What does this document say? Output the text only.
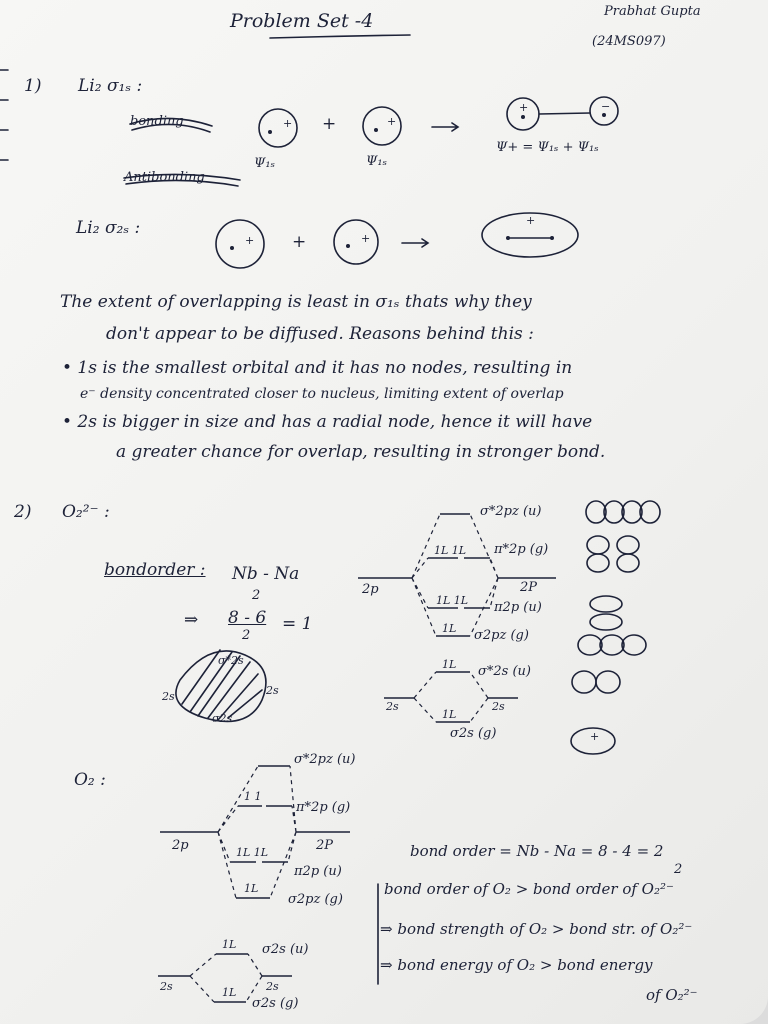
Problem Set -4	Prabhat Gupta
(24MS097)
1) Li₂ σ₁ₛ :
bonding
Antibonding
Ψ₁ₛ
+
Ψ₁ₛ
Ψ+ = Ψ₁ₛ + Ψ₁ₛ
Li₂ σ₂ₛ :
+
The extent of overlapping is least in σ₁ₛ thats why they
don't appear to be diffused. Reasons behind this :
• 1s is the smallest orbital and it has no nodes, resulting in
e⁻ density concentrated closer to nucleus, limiting extent of overlap
• 2s is bigger in size and has a radial node, hence it will have
a greater chance for overlap, resulting in stronger bond.
2) O₂²⁻ :
bondorder : Nb - Na
2
⇒ 8 - 6
2
= 1
σ*2s
2s	2s
σ2s
σ*2pz (u)
1L 1L π*2p (g)
2p	2P
1L 1L π2p (u)
1L σ2pz (g)
1L σ*2s (u)
2s	2s
1L
σ2s (g)
O₂ :
σ*2pz (u)
1 1
π*2p (g)
2p	2P
1L 1L
π2p (u)
1L
σ2pz (g)
1L σ2s (u)
2s	2s
1L
σ2s (g)
bond order = Nb - Na = 8 - 4 = 2
2
bond order of O₂ > bond order of O₂²⁻
⇒ bond strength of O₂ > bond str. of O₂²⁻
⇒ bond energy of O₂ > bond energy
of O₂²⁻
+	−
+	+
+	+
+
+
